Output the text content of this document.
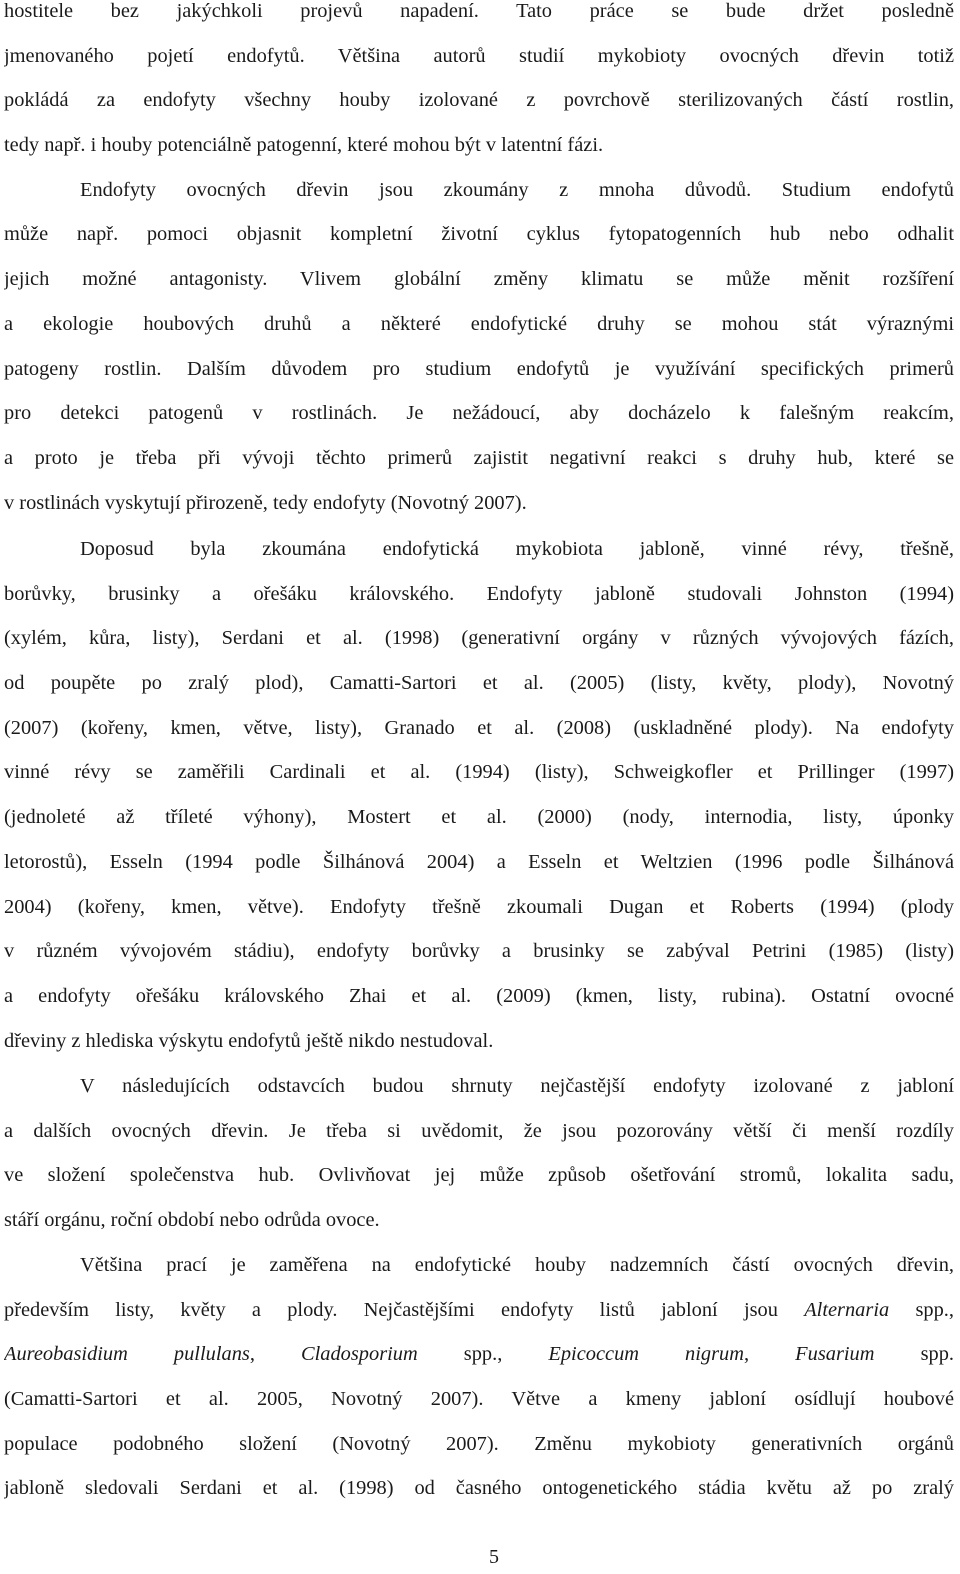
hostitele bez jakýchkoli projevů napadení. Tato práce se bude držet posledně
jmenovaného pojetí endofytů. Většina autorů studií mykobioty ovocných dřevin totiž
pokládá za endofyty všechny houby izolované z povrchově sterilizovaných částí rostlin,
tedy např. i houby potenciálně patogenní, které mohou být v latentní fázi.
Endofyty ovocných dřevin jsou zkoumány z mnoha důvodů. Studium endofytů
může např. pomoci objasnit kompletní životní cyklus fytopatogenních hub nebo odhalit
jejich možné antagonisty. Vlivem globální změny klimatu se může měnit rozšíření
a ekologie houbových druhů a některé endofytické druhy se mohou stát výraznými
patogeny rostlin. Dalším důvodem pro studium endofytů je využívání specifických primerů
pro detekci patogenů v rostlinách. Je nežádoucí, aby docházelo k falešným reakcím,
a proto je třeba při vývoji těchto primerů zajistit negativní reakci s druhy hub, které se
v rostlinách vyskytují přirozeně, tedy endofyty (Novotný 2007).
Doposud byla zkoumána endofytická mykobiota jabloně, vinné révy, třešně,
borůvky, brusinky a ořešáku královského. Endofyty jabloně studovali Johnston (1994)
(xylém, kůra, listy), Serdani et al. (1998) (generativní orgány v různých vývojových fázích,
od poupěte po zralý plod), Camatti-Sartori et al. (2005) (listy, květy, plody), Novotný
(2007) (kořeny, kmen, větve, listy), Granado et al. (2008) (uskladněné plody). Na endofyty
vinné révy se zaměřili Cardinali et al. (1994) (listy), Schweigkofler et Prillinger (1997)
(jednoleté až tříleté výhony), Mostert et al. (2000) (nody, internodia, listy, úponky
letorostů), Esseln (1994 podle Šilhánová 2004) a Esseln et Weltzien (1996 podle Šilhánová
2004) (kořeny, kmen, větve). Endofyty třešně zkoumali Dugan et Roberts (1994) (plody
v různém vývojovém stádiu), endofyty borůvky a brusinky se zabýval Petrini (1985) (listy)
a endofyty ořešáku královského Zhai et al. (2009) (kmen, listy, rubina). Ostatní ovocné
dřeviny z hlediska výskytu endofytů ještě nikdo nestudoval.
V následujících odstavcích budou shrnuty nejčastější endofyty izolované z jabloní
a dalších ovocných dřevin. Je třeba si uvědomit, že jsou pozorovány větší či menší rozdíly
ve složení společenstva hub. Ovlivňovat jej může způsob ošetřování stromů, lokalita sadu,
stáří orgánu, roční období nebo odrůda ovoce.
Většina prací je zaměřena na endofytické houby nadzemních částí ovocných dřevin,
především listy, květy a plody. Nejčastějšími endofyty listů jabloní jsou Alternaria spp.,
Aureobasidium pullulans, Cladosporium spp., Epicoccum nigrum, Fusarium spp.
(Camatti-Sartori et al. 2005, Novotný 2007). Větve a kmeny jabloní osídlují houbové
populace podobného složení (Novotný 2007). Změnu mykobioty generativních orgánů
jabloně sledovali Serdani et al. (1998) od časného ontogenetického stádia květu až po zralý
5
